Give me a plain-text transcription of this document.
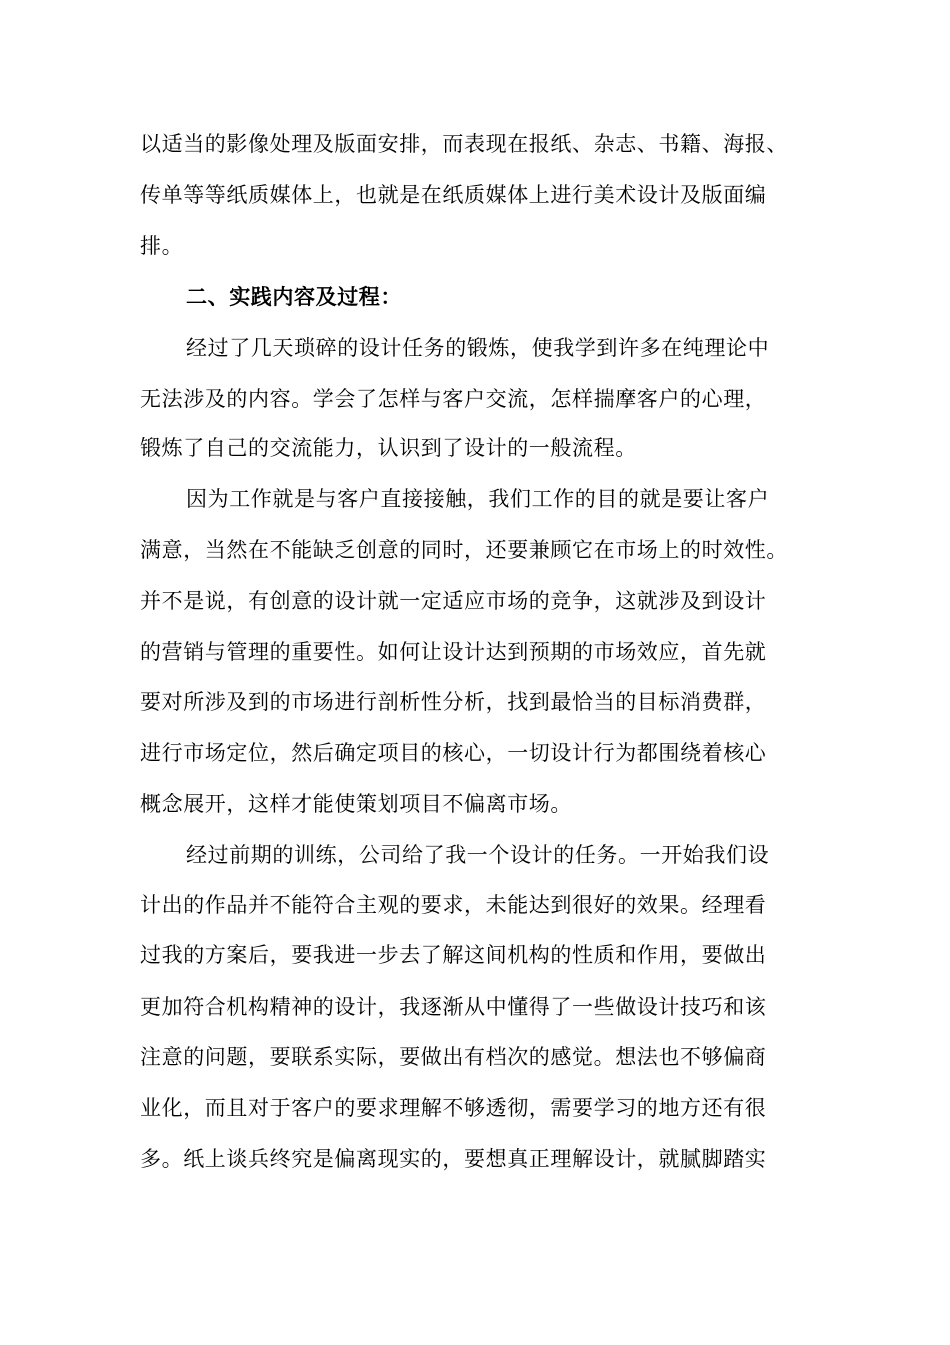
以适当的影像处理及版面安排，而表现在报纸、杂志、书籍、海报、
传单等等纸质媒体上，也就是在纸质媒体上进行美术设计及版面编
排。
二、实践内容及过程：
经过了几天琐碎的设计任务的锻炼，使我学到许多在纯理论中
无法涉及的内容。学会了怎样与客户交流，怎样揣摩客户的心理，
锻炼了自己的交流能力，认识到了设计的一般流程。
因为工作就是与客户直接接触，我们工作的目的就是要让客户
满意，当然在不能缺乏创意的同时，还要兼顾它在市场上的时效性。
并不是说，有创意的设计就一定适应市场的竞争，这就涉及到设计
的营销与管理的重要性。如何让设计达到预期的市场效应，首先就
要对所涉及到的市场进行剖析性分析，找到最恰当的目标消费群，
进行市场定位，然后确定项目的核心，一切设计行为都围绕着核心
概念展开，这样才能使策划项目不偏离市场。
经过前期的训练，公司给了我一个设计的任务。一开始我们设
计出的作品并不能符合主观的要求，未能达到很好的效果。经理看
过我的方案后，要我进一步去了解这间机构的性质和作用，要做出
更加符合机构精神的设计，我逐渐从中懂得了一些做设计技巧和该
注意的问题，要联系实际，要做出有档次的感觉。想法也不够偏商
业化，而且对于客户的要求理解不够透彻，需要学习的地方还有很
多。纸上谈兵终究是偏离现实的，要想真正理解设计，就腻脚踏实
